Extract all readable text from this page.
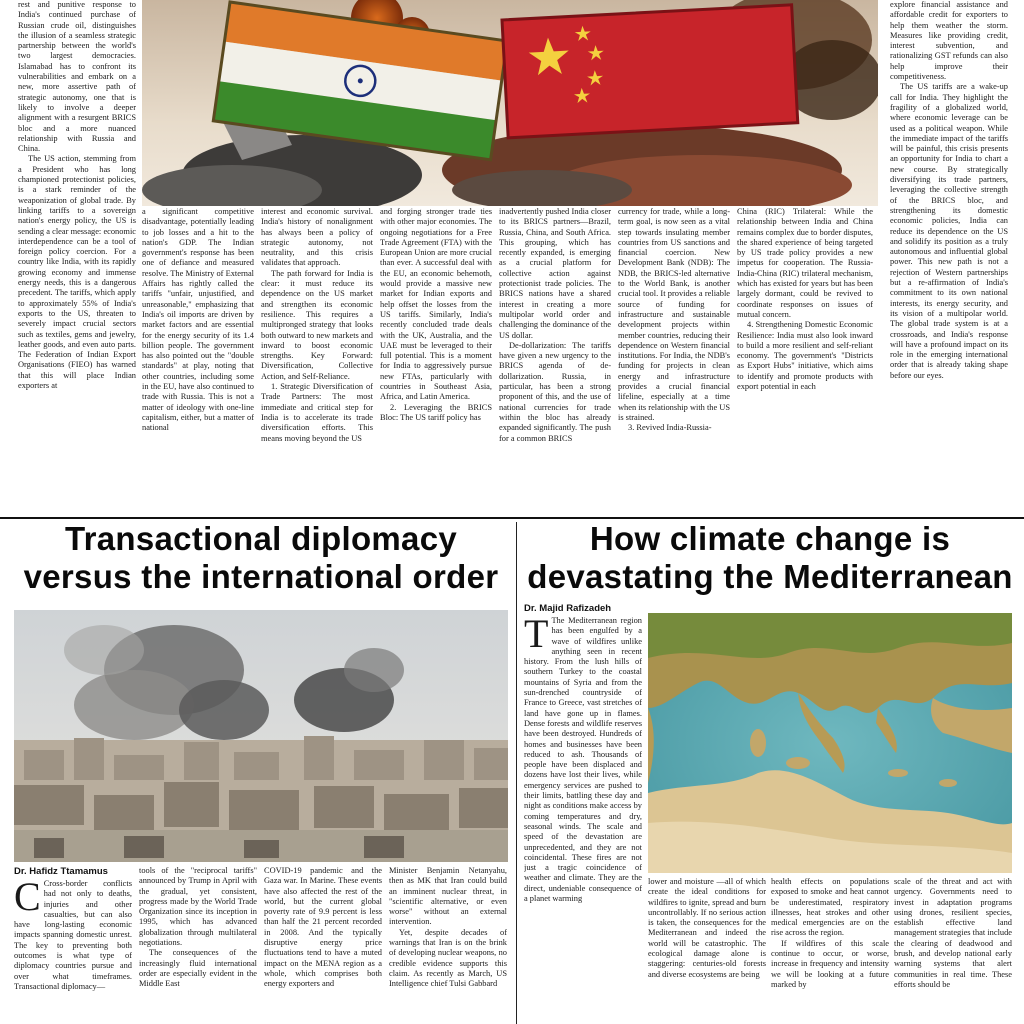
rest and punitive response to India's continued purchase of Russian crude oil, distinguishes the illusion of a seamless strategic partnership between the world's two largest democracies. Islamabad has to confront its vulnerabilities and embark on a new, more assertive path of strategic autonomy, one that is likely to involve a deeper alignment with a resurgent BRICS bloc and a more nuanced relationship with Russia and China.

The US action, stemming from a President who has long championed protectionist policies, is a stark reminder of the weaponization of global trade. By linking tariffs to a sovereign nation's energy policy, the US is sending a clear message: economic interdependence can be a tool of foreign policy coercion. For a country like India, with its rapidly growing economy and immense energy needs, this is a dangerous precedent. The tariffs, which apply to approximately 55% of India's exports to the US, threaten to severely impact crucial sectors such as textiles, gems and jewelry, leather goods, and even auto parts. The Federation of Indian Export Organisations (FIEO) has warned that this will place Indian exporters at

a significant competitive disadvantage, potentially leading to job losses and a hit to the nation's GDP. The Indian government's response has been one of defiance and measured resolve. The Ministry of External Affairs has rightly called the tariffs "unfair, unjustified, and unreasonable," emphasizing that India's oil imports are driven by market factors and are essential for the energy security of its 1.4 billion people. The government has also pointed out the "double standards" at play, noting that other countries, including some in the EU, have also continued to trade with Russia. This is not a matter of ideology with one-line capitalism, either, but a matter of national

interest and economic survival. India's history of nonalignment has always been a policy of strategic autonomy, not neutrality, and this crisis validates that approach.

The path forward for India is clear: it must reduce its dependence on the US market and strengthen its economic resilience. This requires a multipronged strategy that looks both outward to new markets and inward to boost economic strengths. Key Forward: Diversification, Collective Action, and Self-Reliance.

1. Strategic Diversification of Trade Partners: The most immediate and critical step for India is to accelerate its trade diversification efforts. This means moving beyond the US

and forging stronger trade ties with other major economies. The ongoing negotiations for a Free Trade Agreement (FTA) with the European Union are more crucial than ever. A successful deal with the EU, an economic behemoth, would provide a massive new market for Indian exports and help offset the losses from the US tariffs. Similarly, India's recently concluded trade deals with the UK, Australia, and the UAE must be leveraged to their full potential. This is a moment for India to aggressively pursue new FTAs, particularly with countries in Southeast Asia, Africa, and Latin America.

2. Leveraging the BRICS Bloc: The US tariff policy has

inadvertently pushed India closer to its BRICS partners—Brazil, Russia, China, and South Africa. This grouping, which has recently expanded, is emerging as a crucial platform for collective action against protectionist trade policies. The BRICS nations have a shared interest in creating a more multipolar world order and challenging the dominance of the US dollar.

De-dollarization: The tariffs have given a new urgency to the BRICS agenda of de-dollarization. Russia, in particular, has been a strong proponent of this, and the use of national currencies for trade within the bloc has already expanded significantly. The push for a common BRICS

currency for trade, while a long-term goal, is now seen as a vital step towards insulating member countries from US sanctions and financial coercion. New Development Bank (NDB): The NDB, the BRICS-led alternative to the World Bank, is another crucial tool. It provides a reliable source of funding for infrastructure and sustainable development projects within member countries, reducing their dependence on Western financial institutions. For India, the NDB's funding for projects in clean energy and infrastructure provides a crucial financial lifeline, especially at a time when its relationship with the US is strained.

3. Revived India-Russia-

China (RIC) Trilateral: While the relationship between India and China remains complex due to border disputes, the shared experience of being targeted by US trade policy provides a new impetus for cooperation. The Russia-India-China (RIC) trilateral mechanism, which has existed for years but has been largely dormant, could be revived to coordinate responses on issues of mutual concern.

4. Strengthening Domestic Economic Resilience: India must also look inward to build a more resilient and self-reliant economy. The government's "Districts as Export Hubs" initiative, which aims to identify and promote products with export potential in each

explore financial assistance and affordable credit for exporters to help them weather the storm. Measures like providing credit, interest subvention, and rationalizing GST refunds can also help improve their competitiveness.

The US tariffs are a wake-up call for India. They highlight the fragility of a globalized world, where economic leverage can be used as a political weapon. While the immediate impact of the tariffs will be painful, this crisis presents an opportunity for India to chart a new course. By strategically diversifying its trade partners, leveraging the collective strength of the BRICS bloc, and strengthening its domestic economic policies, India can reduce its dependence on the US and solidify its position as a truly autonomous and influential global power. This new path is not a rejection of Western partnerships but a re-affirmation of India's commitment to its own national interests, its energy security, and its vision of a multipolar world. The global trade system is at a crossroads, and India's response will have a profound impact on its role in the emerging international order that is already taking shape before our eyes.

Transactional diplomacy versus the international order
Dr. Hafidz Ttamamus

C Cross-border conflicts had not only to deaths, injuries and other casualties, but can also have long-lasting economic impacts spanning domestic unrest. The key to preventing both outcomes is what type of diplomacy countries pursue and over what timeframes. Transactional diplomacy—

tools of the "reciprocal tariffs" announced by Trump in April with the gradual, yet consistent, progress made by the World Trade Organization since its inception in 1995, which has advanced globalization through multilateral negotiations.

The consequences of the increasingly fluid international order are especially evident in the Middle East

COVID-19 pandemic and the Gaza war. In Marine. These events have also affected the rest of the world, but the current global poverty rate of 9.9 percent is less than half the 21 percent recorded in 2008. And the typically disruptive energy price fluctuations tend to have a muted impact on the MENA region as a whole, which comprises both energy exporters and

Minister Benjamin Netanyahu, then as MK that Iran could build an imminent nuclear threat, in "scientific alternative, or even worse" without an external intervention.

Yet, despite decades of warnings that Iran is on the brink of developing nuclear weapons, no credible evidence supports this claim. As recently as March, US Intelligence chief Tulsi Gabbard

How climate change is devastating the Mediterranean
Dr. Majid Rafizadeh

T The Mediterranean region has been engulfed by a wave of wildfires unlike anything seen in recent history. From the lush hills of southern Turkey to the coastal mountains of Syria and from the sun-drenched countryside of France to Greece, vast stretches of land have gone up in flames. Dense forests and wildlife reserves have been destroyed. Hundreds of homes and businesses have been reduced to ash. Thousands of people have been displaced and dozens have lost their lives, while emergency services are pushed to their limits, battling these day and night as conditions make access by coming temperatures and dry, seasonal winds. The scale and speed of the devastation are unprecedented, and they are not coincidental. These fires are not just a tragic coincidence of weather and climate. They are the direct, undeniable consequence of a planet warming

lower and moisture —all of which create the ideal conditions for wildfires to ignite, spread and burn uncontrollably. If no serious action is taken, the consequences for the Mediterranean and indeed the world will be catastrophic. The ecological damage alone is staggering: centuries-old forests and diverse ecosystems are being

health effects on populations exposed to smoke and heat cannot be underestimated, respiratory illnesses, heat strokes and other medical emergencies are on the rise across the region.

If wildfires of this scale continue to occur, or worse, increase in frequency and intensity we will be looking at a future marked by

scale of the threat and act with urgency. Governments need to invest in adaptation programs using drones, resilient species, establish effective land management strategies that include the clearing of deadwood and brush, and develop national early warning systems that alert communities in real time. These efforts should be
